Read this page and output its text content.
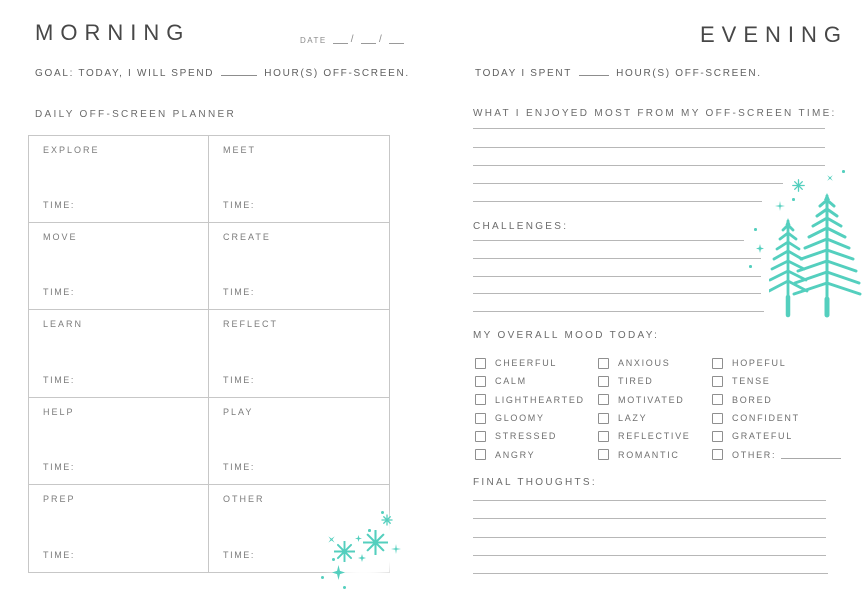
MORNING	DATE / /
GOAL: TODAY, I WILL SPEND	HOUR(S) OFF-SCREEN.
DAILY OFF-SCREEN PLANNER
EXPLORE
TIME:
MEET
TIME:
MOVE
TIME:
CREATE
TIME:
LEARN
TIME:
REFLECT
TIME:
HELP
TIME:
PLAY
TIME:
PREP
TIME:
OTHER
TIME:
EVENING
TODAY I SPENT	HOUR(S) OFF-SCREEN.
WHAT I ENJOYED MOST FROM MY OFF-SCREEN TIME:
CHALLENGES:
MY OVERALL MOOD TODAY:
CHEERFUL
CALM
LIGHTHEARTED
GLOOMY
STRESSED
ANGRY
ANXIOUS
TIRED
MOTIVATED
LAZY
REFLECTIVE
ROMANTIC
HOPEFUL
TENSE
BORED
CONFIDENT
GRATEFUL
OTHER:
FINAL THOUGHTS:
